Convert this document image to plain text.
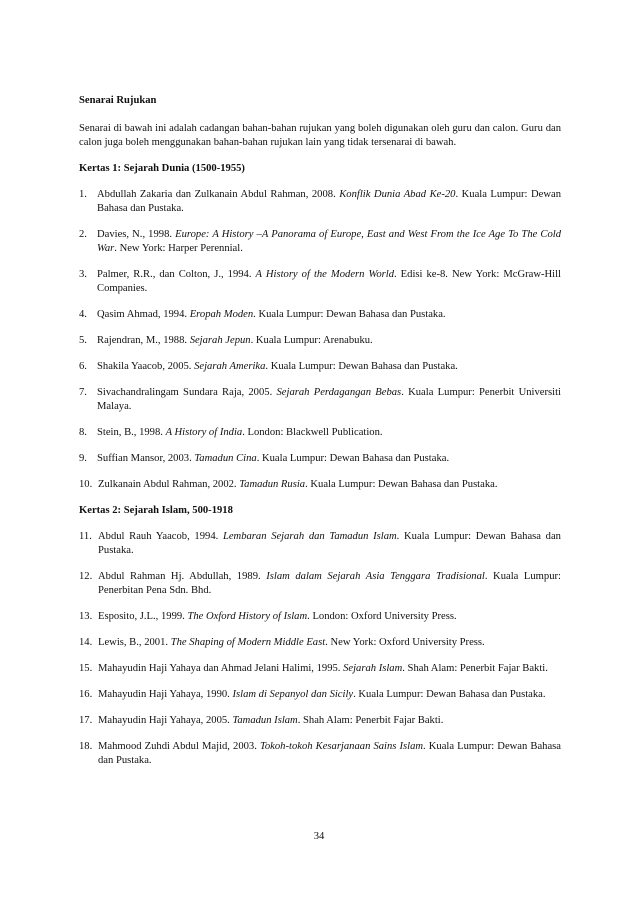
Senarai Rujukan
Senarai di bawah ini adalah cadangan bahan-bahan rujukan yang boleh digunakan oleh guru dan calon. Guru dan calon juga boleh menggunakan bahan-bahan rujukan lain yang tidak tersenarai di bawah.
Kertas 1: Sejarah Dunia (1500-1955)
1. Abdullah Zakaria dan Zulkanain Abdul Rahman, 2008. Konflik Dunia Abad Ke-20. Kuala Lumpur: Dewan Bahasa dan Pustaka.
2. Davies, N., 1998. Europe: A History –A Panorama of Europe, East and West From the Ice Age To The Cold War. New York: Harper Perennial.
3. Palmer, R.R., dan Colton, J., 1994. A History of the Modern World. Edisi ke-8. New York: McGraw-Hill Companies.
4. Qasim Ahmad, 1994. Eropah Moden. Kuala Lumpur: Dewan Bahasa dan Pustaka.
5. Rajendran, M., 1988. Sejarah Jepun. Kuala Lumpur: Arenabuku.
6. Shakila Yaacob, 2005. Sejarah Amerika. Kuala Lumpur: Dewan Bahasa dan Pustaka.
7. Sivachandralingam Sundara Raja, 2005. Sejarah Perdagangan Bebas. Kuala Lumpur: Penerbit Universiti Malaya.
8. Stein, B., 1998. A History of India. London: Blackwell Publication.
9. Suffian Mansor, 2003. Tamadun Cina. Kuala Lumpur: Dewan Bahasa dan Pustaka.
10. Zulkanain Abdul Rahman, 2002. Tamadun Rusia. Kuala Lumpur: Dewan Bahasa dan Pustaka.
Kertas 2: Sejarah Islam, 500-1918
11. Abdul Rauh Yaacob, 1994. Lembaran Sejarah dan Tamadun Islam. Kuala Lumpur: Dewan Bahasa dan Pustaka.
12. Abdul Rahman Hj. Abdullah, 1989. Islam dalam Sejarah Asia Tenggara Tradisional. Kuala Lumpur: Penerbitan Pena Sdn. Bhd.
13. Esposito, J.L., 1999. The Oxford History of Islam. London: Oxford University Press.
14. Lewis, B., 2001. The Shaping of Modern Middle East. New York: Oxford University Press.
15. Mahayudin Haji Yahaya dan Ahmad Jelani Halimi, 1995. Sejarah Islam. Shah Alam: Penerbit Fajar Bakti.
16. Mahayudin Haji Yahaya, 1990. Islam di Sepanyol dan Sicily. Kuala Lumpur: Dewan Bahasa dan Pustaka.
17. Mahayudin Haji Yahaya, 2005. Tamadun Islam. Shah Alam: Penerbit Fajar Bakti.
18. Mahmood Zuhdi Abdul Majid, 2003. Tokoh-tokoh Kesarjanaan Sains Islam. Kuala Lumpur: Dewan Bahasa dan Pustaka.
34
